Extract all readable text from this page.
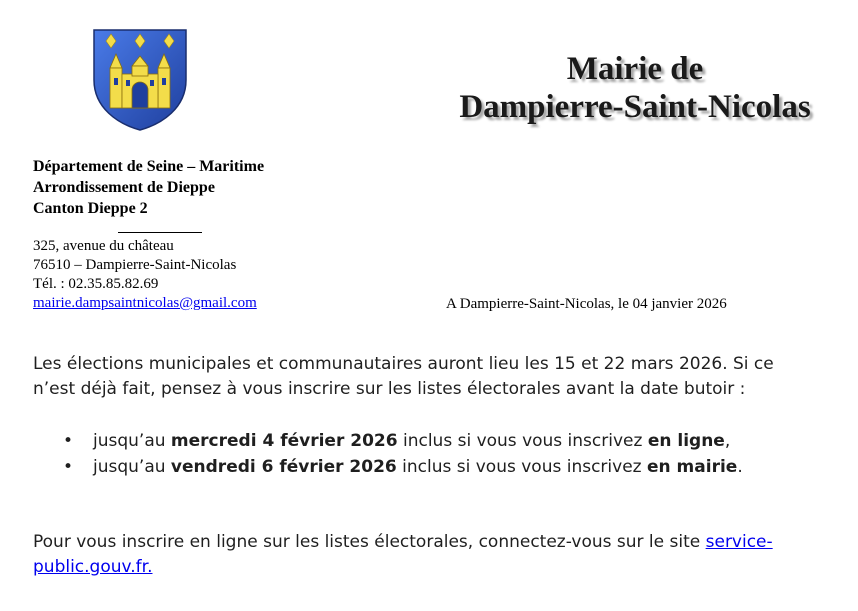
Mairie de
Dampierre-Saint-Nicolas
Département de Seine – Maritime
Arrondissement de Dieppe
Canton Dieppe 2
325, avenue du château
76510 – Dampierre-Saint-Nicolas
Tél. : 02.35.85.82.69
mairie.dampsaintnicolas@gmail.com	A Dampierre-Saint-Nicolas, le 04 janvier 2026
Les élections municipales et communautaires auront lieu les 15 et 22 mars 2026. Si ce
n’est déjà fait, pensez à vous inscrire sur les listes électorales avant la date butoir :
• jusqu’au mercredi 4 février 2026 inclus si vous vous inscrivez en ligne,
• jusqu’au vendredi 6 février 2026 inclus si vous vous inscrivez en mairie.
Pour vous inscrire en ligne sur les listes électorales, connectez-vous sur le site service-
public.gouv.fr.
